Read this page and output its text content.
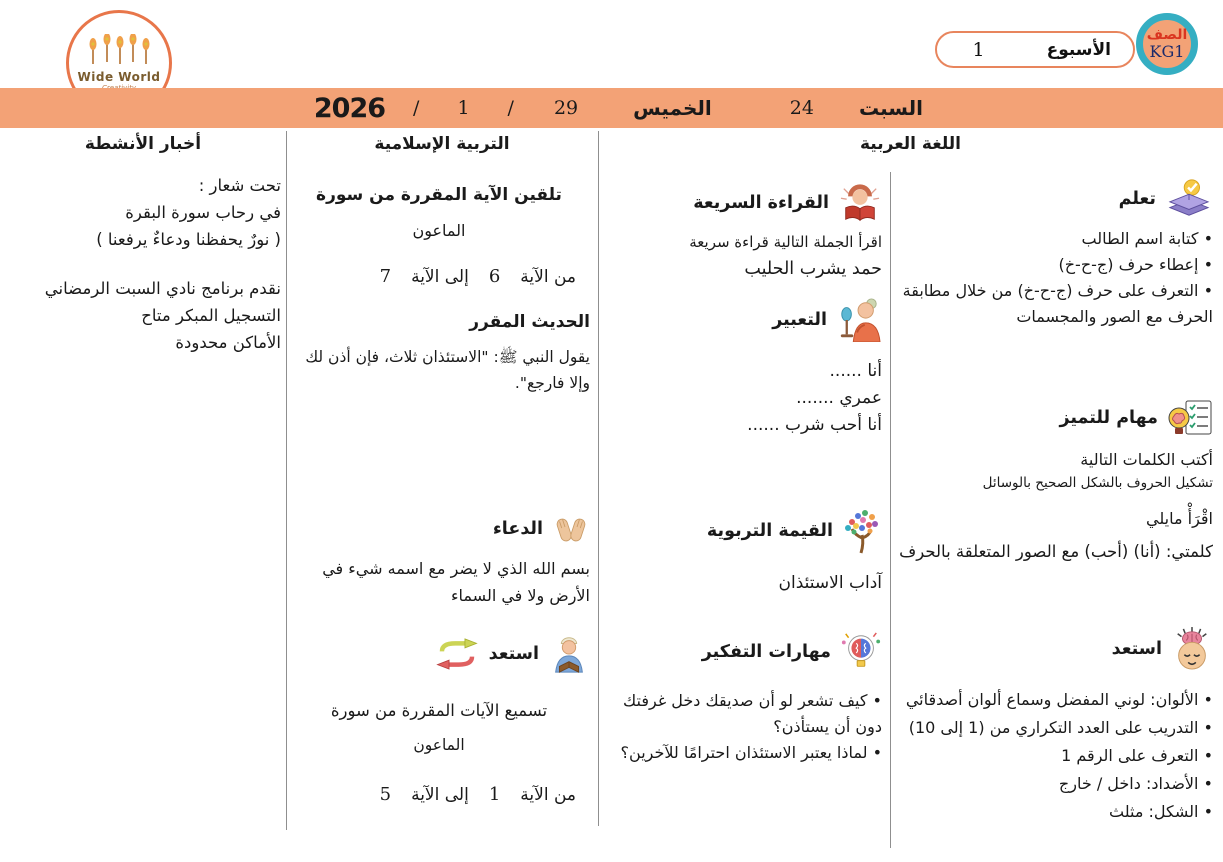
Wide World
الأسبوع
1
الصف
KG1
السبت
24
الخميس
29
/
1
/
2026
اللغة العربية
التربية الإسلامية
أخبار الأنشطة
تحت شعار :
في رحاب سورة البقرة
( نورٌ يحفظنا ودعاءٌ يرفعنا )
نقدم برنامج نادي السبت الرمضاني
التسجيل المبكر متاح
الأماكن محدودة
تلقين الآية المقررة من سورة
الماعون
من الآية
6
إلى الآية
7
الحديث المقرر
يقول النبي ﷺ: "الاستئذان ثلاث، فإن أذن لك وإلا فارجع".
الدعاء
بسم الله الذي لا يضر مع اسمه شيء في الأرض ولا في السماء
استعد
تسميع الآيات المقررة من سورة
الماعون
من الآية
1
إلى الآية
5
القراءة السريعة
اقرأ الجملة التالية قراءة سريعة
حمد يشرب الحليب
التعبير
أنا ......
عمري .......
أنا أحب شرب ......
القيمة التربوية
آداب الاستئذان
مهارات التفكير
• كيف تشعر لو أن صديقك دخل غرفتك دون أن يستأذن؟
• لماذا يعتبر الاستئذان احترامًا للآخرين؟
تعلم
• كتابة اسم الطالب
• إعطاء حرف (ج-ح-خ)
• التعرف على حرف (ج-ح-خ) من خلال مطابقة الحرف مع الصور والمجسمات
مهام للتميز
أكتب الكلمات التالية
تشكيل الحروف بالشكل الصحيح بالوسائل
اقْرَأْ مايلي
كلمتي: (أنا) (أحب) مع الصور المتعلقة بالحرف
استعد
• الألوان: لوني المفضل وسماع ألوان أصدقائي
• التدريب على العدد التكراري من (1 إلى 10)
• التعرف على الرقم 1
• الأضداد: داخل / خارج
• الشكل: مثلث
